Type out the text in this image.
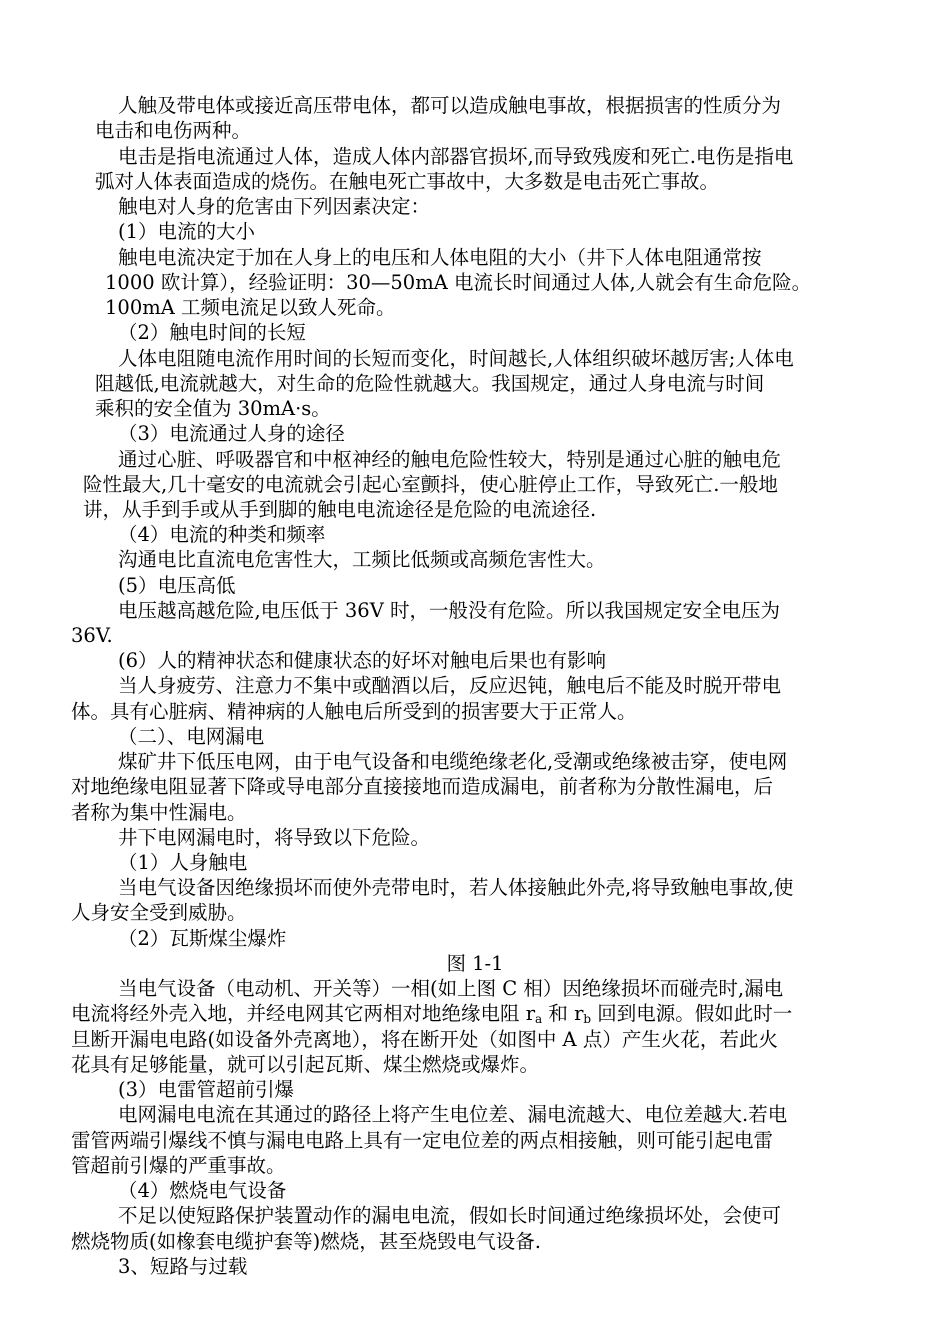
人触及带电体或接近高压带电体，都可以造成触电事故，根据损害的性质分为
电击和电伤两种。
电击是指电流通过人体，造成人体内部器官损坏,而导致残废和死亡.电伤是指电
弧对人体表面造成的烧伤。在触电死亡事故中，大多数是电击死亡事故。
触电对人身的危害由下列因素决定：
(1）电流的大小
触电电流决定于加在人身上的电压和人体电阻的大小（井下人体电阻通常按
1000 欧计算），经验证明：30—50mA 电流长时间通过人体,人就会有生命危险。
100mA 工频电流足以致人死命。
（2）触电时间的长短
人体电阻随电流作用时间的长短而变化，时间越长,人体组织破坏越厉害;人体电
阻越低,电流就越大，对生命的危险性就越大。我国规定，通过人身电流与时间
乘积的安全值为 30mA·s。
（3）电流通过人身的途径
通过心脏、呼吸器官和中枢神经的触电危险性较大，特别是通过心脏的触电危
险性最大,几十毫安的电流就会引起心室颤抖，使心脏停止工作，导致死亡.一般地
讲，从手到手或从手到脚的触电电流途径是危险的电流途径.
（4）电流的种类和频率
沟通电比直流电危害性大，工频比低频或高频危害性大。
(5）电压高低
电压越高越危险,电压低于 36V 时，一般没有危险。所以我国规定安全电压为
36V.
(6）人的精神状态和健康状态的好坏对触电后果也有影响
当人身疲劳、注意力不集中或酗酒以后，反应迟钝，触电后不能及时脱开带电
体。具有心脏病、精神病的人触电后所受到的损害要大于正常人。
（二）、电网漏电
煤矿井下低压电网，由于电气设备和电缆绝缘老化,受潮或绝缘被击穿，使电网
对地绝缘电阻显著下降或导电部分直接接地而造成漏电，前者称为分散性漏电，后
者称为集中性漏电。
井下电网漏电时，将导致以下危险。
（1）人身触电
当电气设备因绝缘损坏而使外壳带电时，若人体接触此外壳,将导致触电事故,使
人身安全受到威胁。
（2）瓦斯煤尘爆炸
图 1-1
当电气设备（电动机、开关等）一相(如上图 C 相）因绝缘损坏而碰壳时,漏电
电流将经外壳入地，并经电网其它两相对地绝缘电阻 $r_a$ 和 $r_b$ 回到电源。假如此时一
旦断开漏电电路(如设备外壳离地），将在断开处（如图中 A 点）产生火花，若此火
花具有足够能量，就可以引起瓦斯、煤尘燃烧或爆炸。
(3）电雷管超前引爆
电网漏电电流在其通过的路径上将产生电位差、漏电流越大、电位差越大.若电
雷管两端引爆线不慎与漏电电路上具有一定电位差的两点相接触，则可能引起电雷
管超前引爆的严重事故。
（4）燃烧电气设备
不足以使短路保护装置动作的漏电电流，假如长时间通过绝缘损坏处，会使可
燃烧物质(如橡套电缆护套等)燃烧，甚至烧毁电气设备.
3、短路与过载
